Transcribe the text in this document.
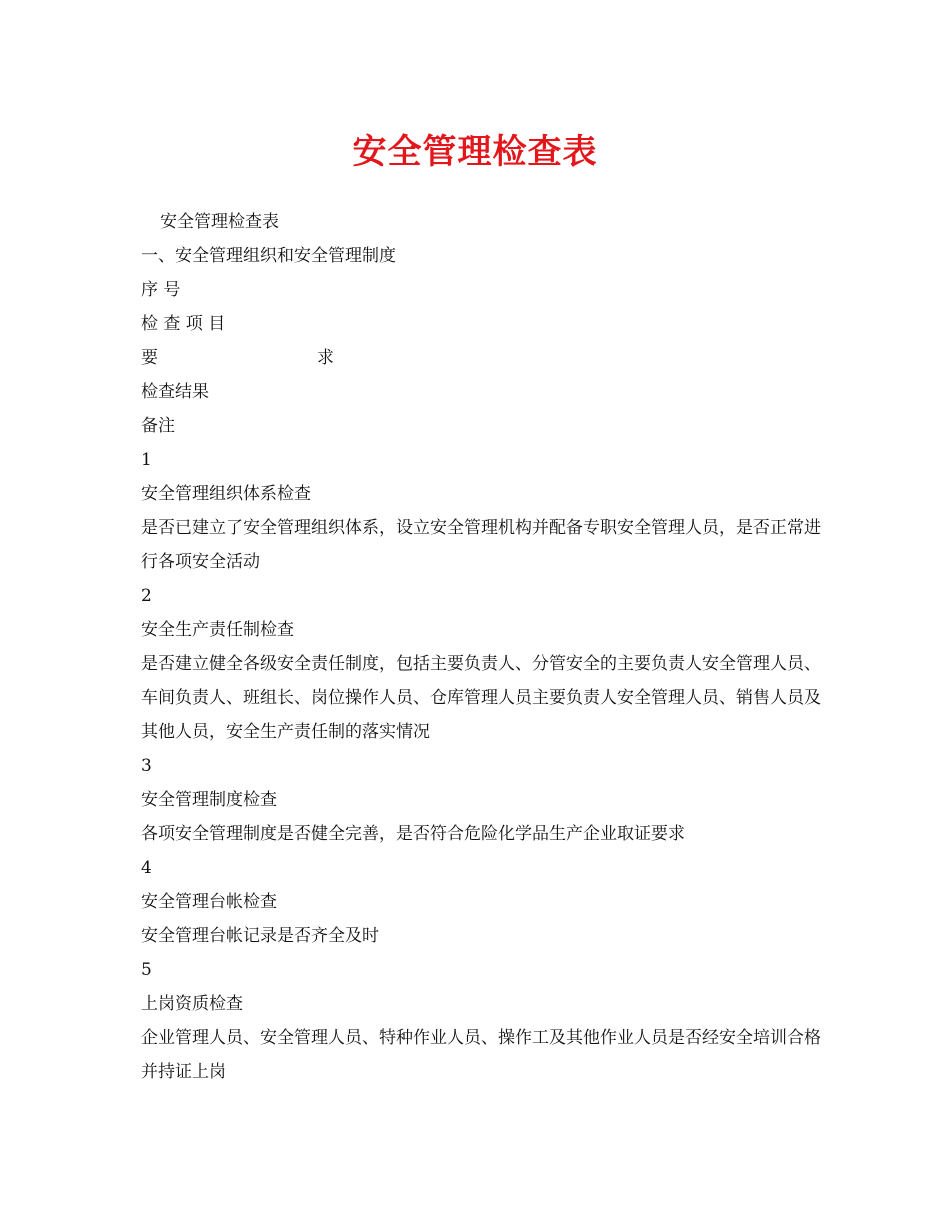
安全管理检查表
安全管理检查表
一、安全管理组织和安全管理制度
序 号
检 查 项 目
要	求
检查结果
备注
1
安全管理组织体系检查
是否已建立了安全管理组织体系，设立安全管理机构并配备专职安全管理人员，是否正常进行各项安全活动
2
安全生产责任制检查
是否建立健全各级安全责任制度，包括主要负责人、分管安全的主要负责人安全管理人员、车间负责人、班组长、岗位操作人员、仓库管理人员主要负责人安全管理人员、销售人员及其他人员，安全生产责任制的落实情况
3
安全管理制度检查
各项安全管理制度是否健全完善，是否符合危险化学品生产企业取证要求
4
安全管理台帐检查
安全管理台帐记录是否齐全及时
5
上岗资质检查
企业管理人员、安全管理人员、特种作业人员、操作工及其他作业人员是否经安全培训合格并持证上岗
